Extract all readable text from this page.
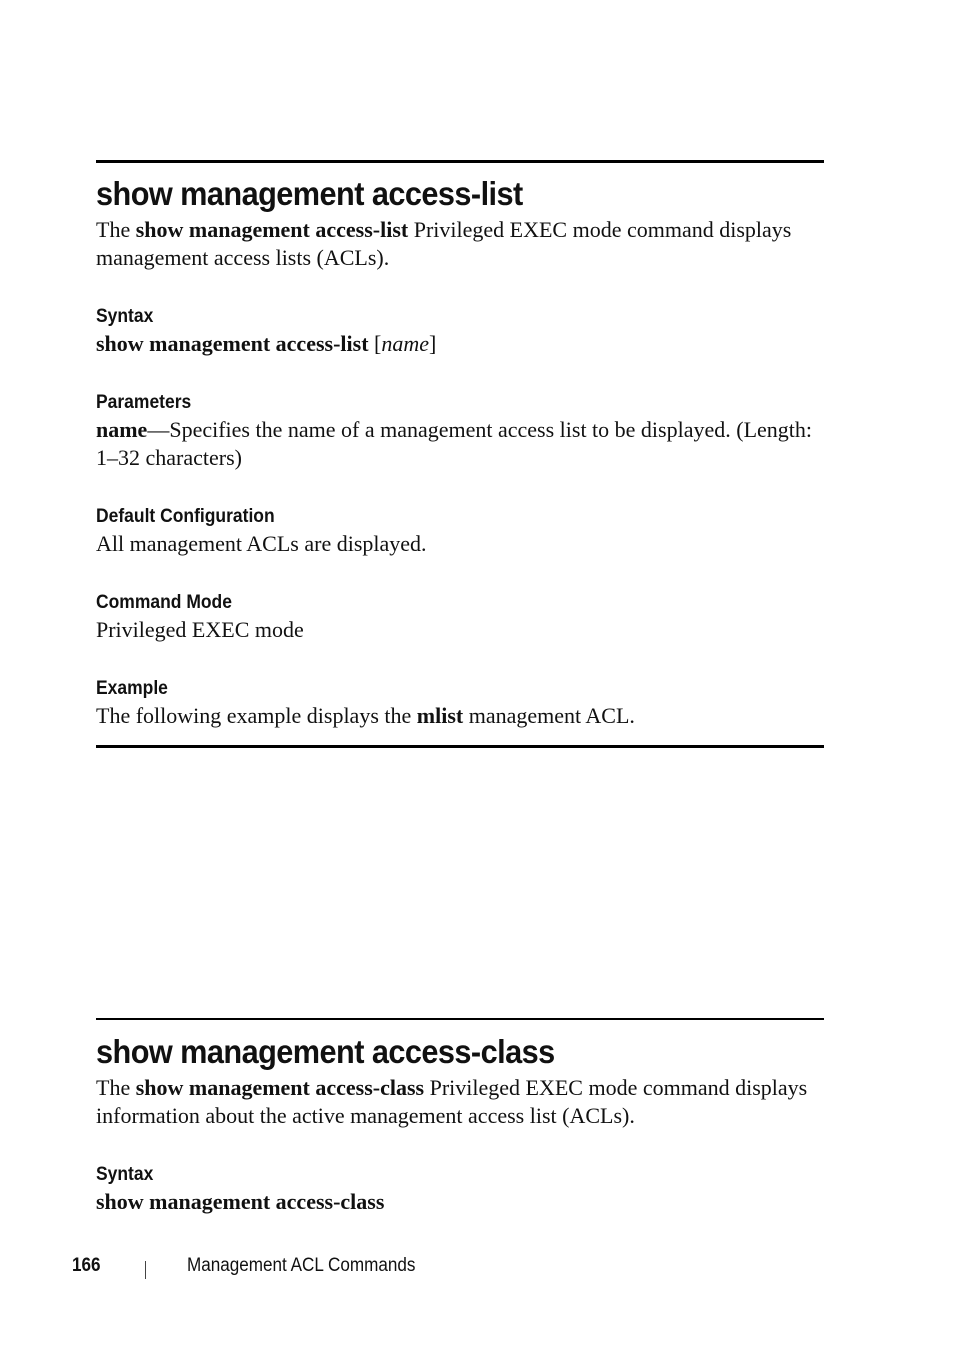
show management access-list

The show management access-list Privileged EXEC mode command displays management access lists (ACLs).

Syntax

show management access-list [name]

Parameters

name—Specifies the name of a management access list to be displayed. (Length: 1–32 characters)

Default Configuration

All management ACLs are displayed.

Command Mode

Privileged EXEC mode

Example

The following example displays the mlist management ACL.

show management access-class

The show management access-class Privileged EXEC mode command displays information about the active management access list (ACLs).

Syntax

show management access-class

166	Management ACL Commands
